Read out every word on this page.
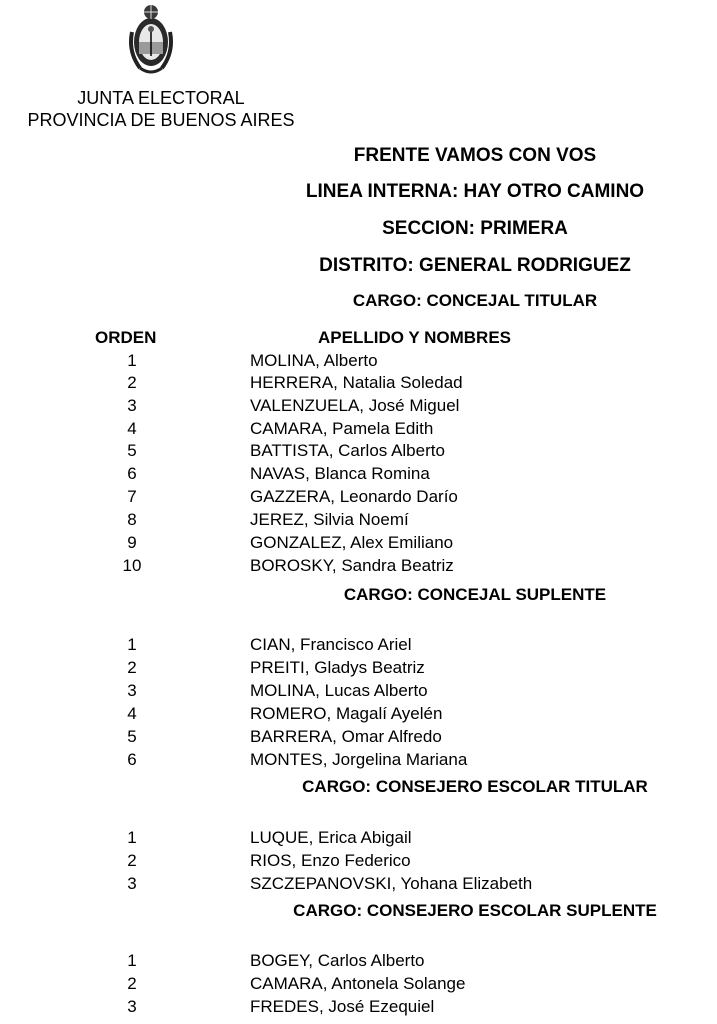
JUNTA ELECTORAL
PROVINCIA DE BUENOS AIRES
FRENTE VAMOS CON VOS
LINEA INTERNA: HAY OTRO CAMINO
SECCION: PRIMERA
DISTRITO: GENERAL RODRIGUEZ
CARGO: CONCEJAL TITULAR
ORDEN	APELLIDO Y NOMBRES
1	MOLINA, Alberto
2	HERRERA, Natalia Soledad
3	VALENZUELA, José Miguel
4	CAMARA, Pamela Edith
5	BATTISTA, Carlos Alberto
6	NAVAS, Blanca Romina
7	GAZZERA, Leonardo Darío
8	JEREZ, Silvia Noemí
9	GONZALEZ, Alex Emiliano
10	BOROSKY, Sandra Beatriz
CARGO: CONCEJAL SUPLENTE
1	CIAN, Francisco Ariel
2	PREITI, Gladys Beatriz
3	MOLINA, Lucas Alberto
4	ROMERO, Magalí Ayelén
5	BARRERA, Omar Alfredo
6	MONTES, Jorgelina Mariana
CARGO: CONSEJERO ESCOLAR TITULAR
1	LUQUE, Erica Abigail
2	RIOS, Enzo Federico
3	SZCZEPANOVSKI, Yohana Elizabeth
CARGO: CONSEJERO ESCOLAR SUPLENTE
1	BOGEY, Carlos Alberto
2	CAMARA, Antonela Solange
3	FREDES, José Ezequiel
